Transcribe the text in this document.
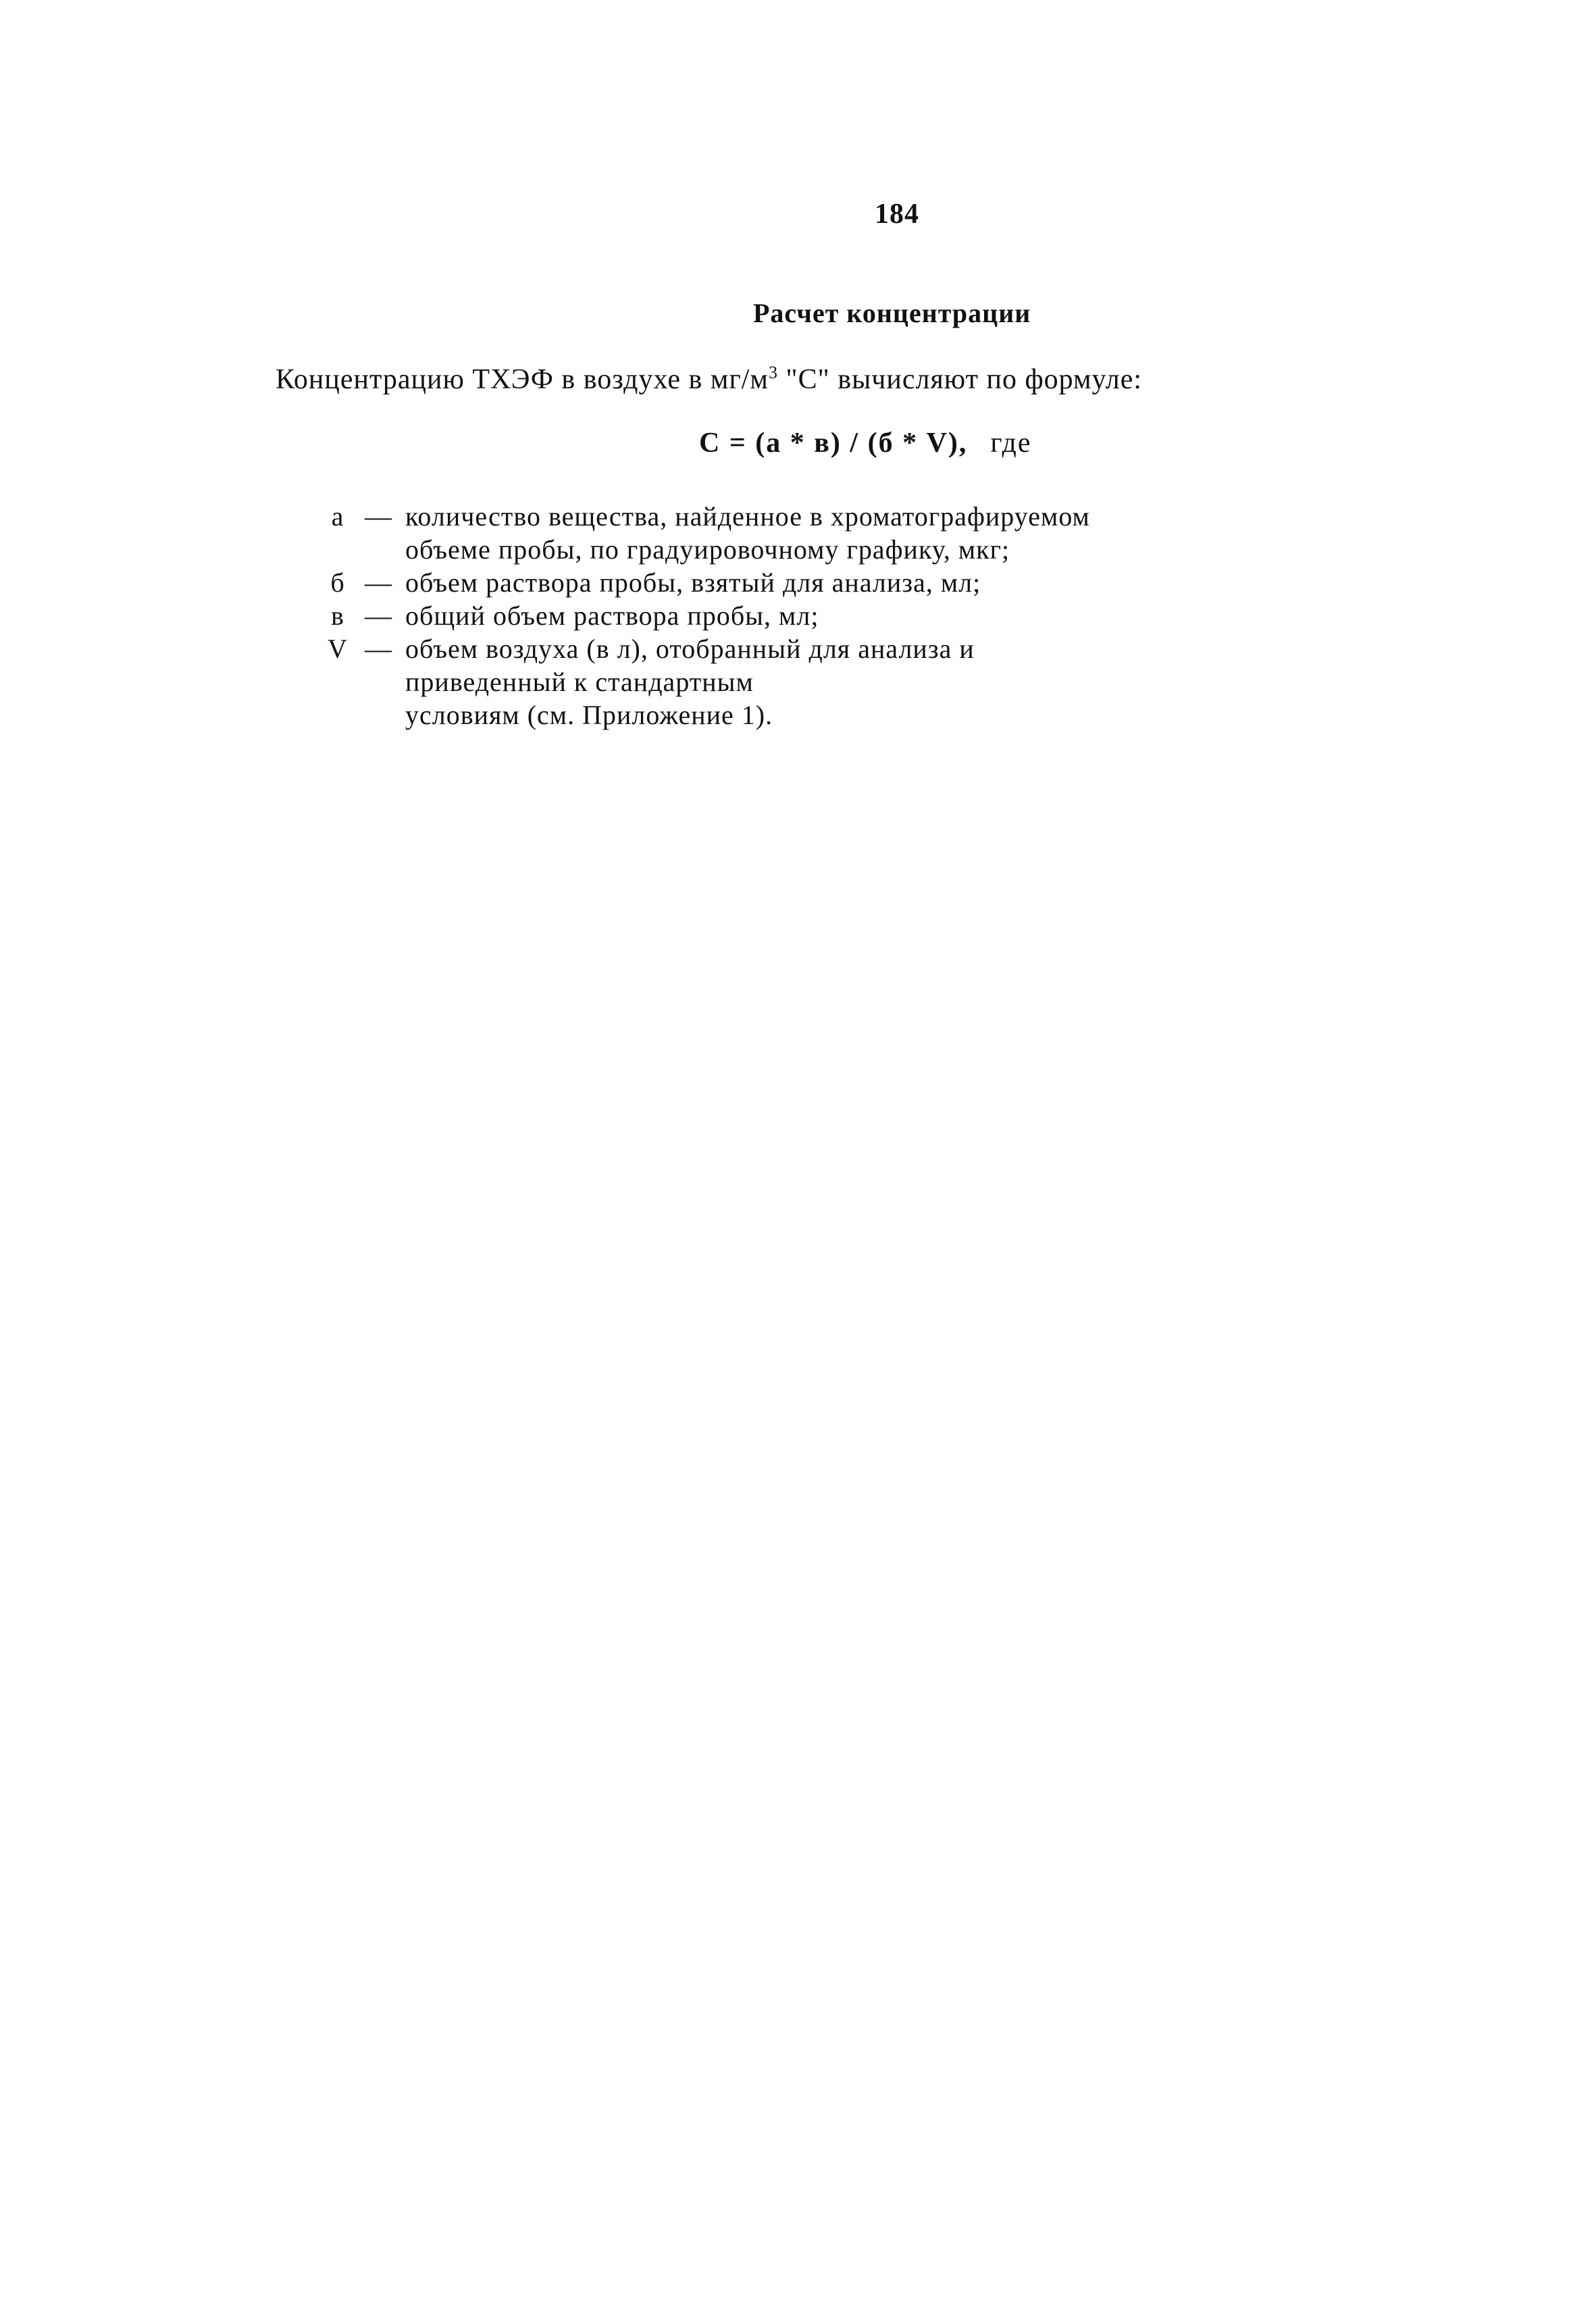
184
Расчет концентрации
Концентрацию ТХЭФ в воздухе в $мг/м^3$ "С" вычисляют по формуле:
С = (а * в) / (б * V), где
а — количество вещества, найденное в хроматографируемом
объеме пробы, по градуировочному графику, мкг;
б — объем раствора пробы, взятый для анализа, мл;
в — общий объем раствора пробы, мл;
V — объем воздуха (в л), отобранный для анализа и
приведенный к стандартным
условиям (см. Приложение 1).
